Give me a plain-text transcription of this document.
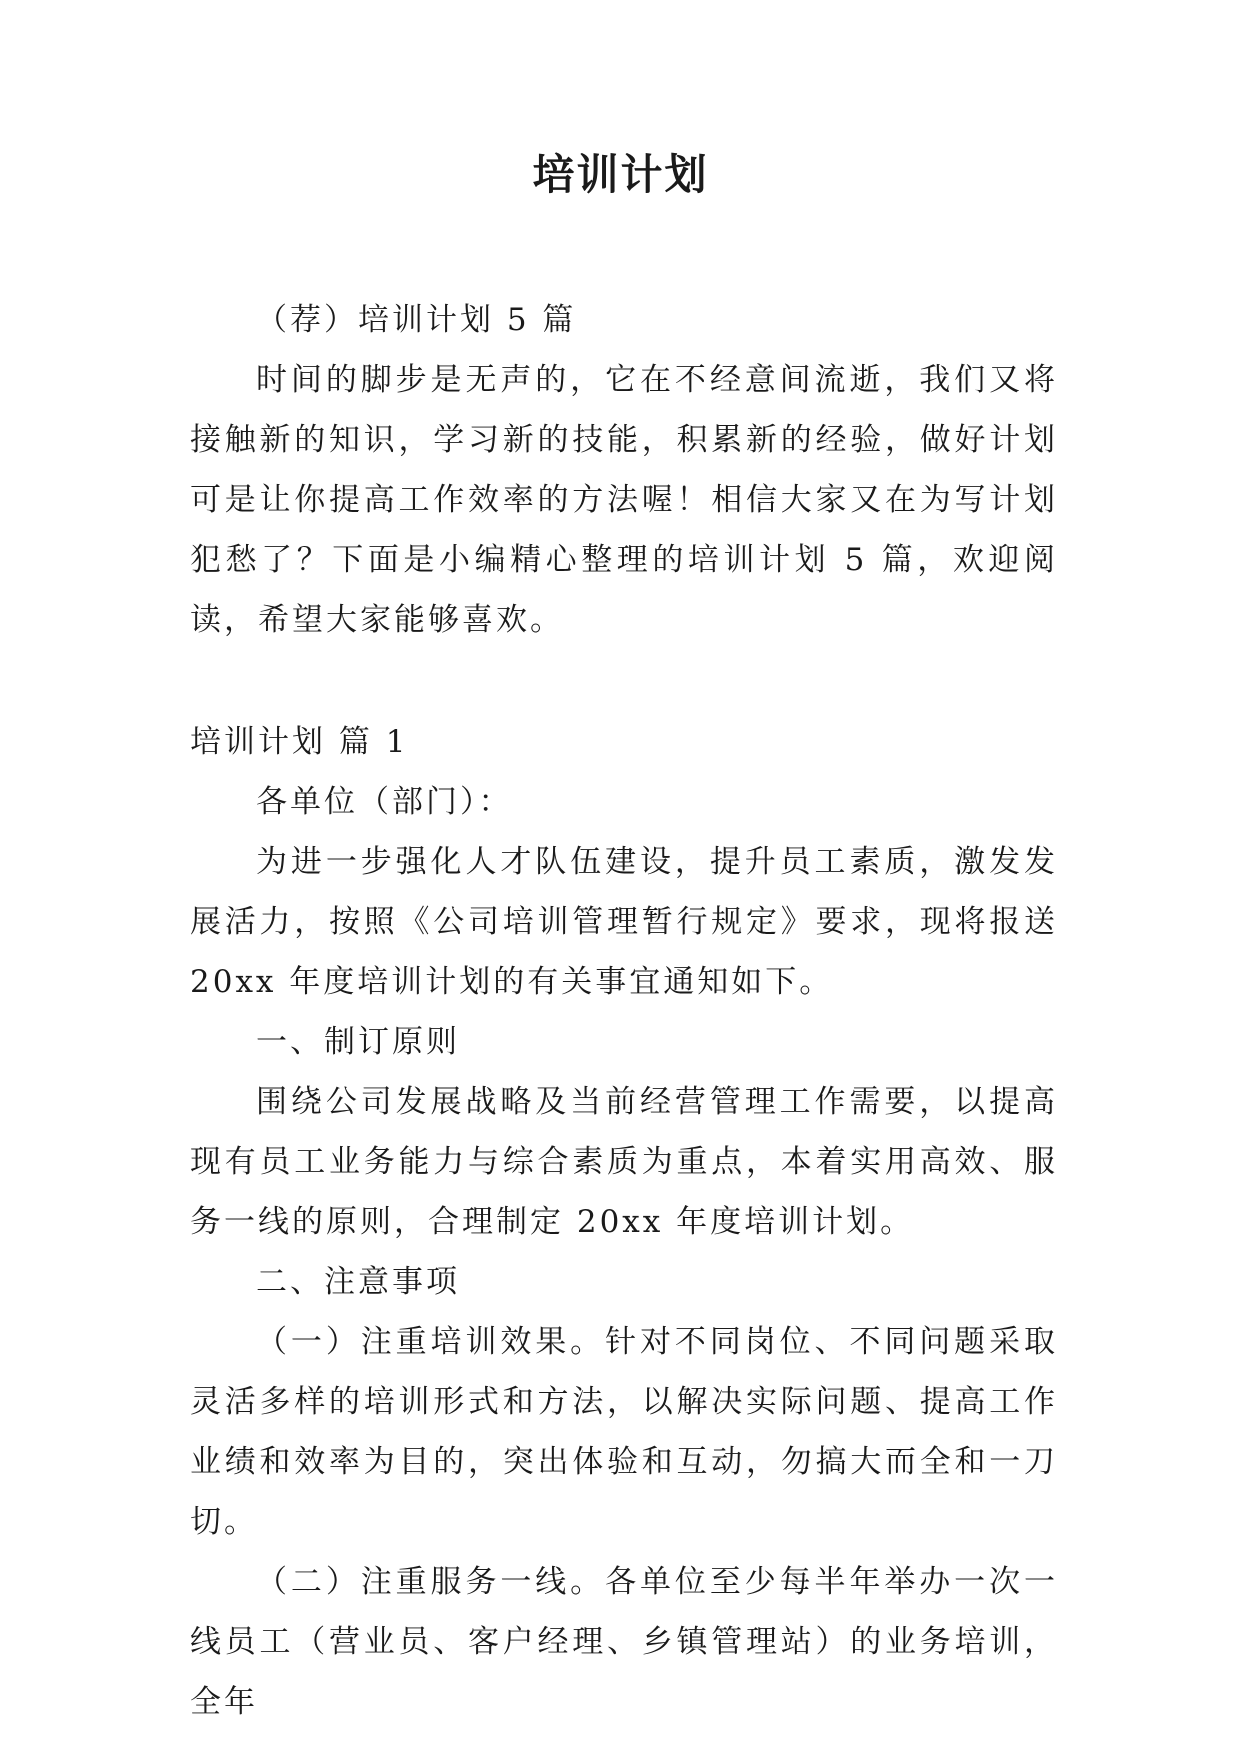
培训计划

（荐）培训计划 5 篇

时间的脚步是无声的，它在不经意间流逝，我们又将接触新的知识，学习新的技能，积累新的经验，做好计划可是让你提高工作效率的方法喔！相信大家又在为写计划犯愁了？下面是小编精心整理的培训计划 5 篇，欢迎阅读，希望大家能够喜欢。

培训计划 篇 1

各单位（部门）：

为进一步强化人才队伍建设，提升员工素质，激发发展活力，按照《公司培训管理暂行规定》要求，现将报送 20xx 年度培训计划的有关事宜通知如下。

一、制订原则

围绕公司发展战略及当前经营管理工作需要，以提高现有员工业务能力与综合素质为重点，本着实用高效、服务一线的原则，合理制定 20xx 年度培训计划。

二、注意事项

（一）注重培训效果。针对不同岗位、不同问题采取灵活多样的培训形式和方法，以解决实际问题、提高工作业绩和效率为目的，突出体验和互动，勿搞大而全和一刀切。

（二）注重服务一线。各单位至少每半年举办一次一线员工（营业员、客户经理、乡镇管理站）的业务培训，全年
